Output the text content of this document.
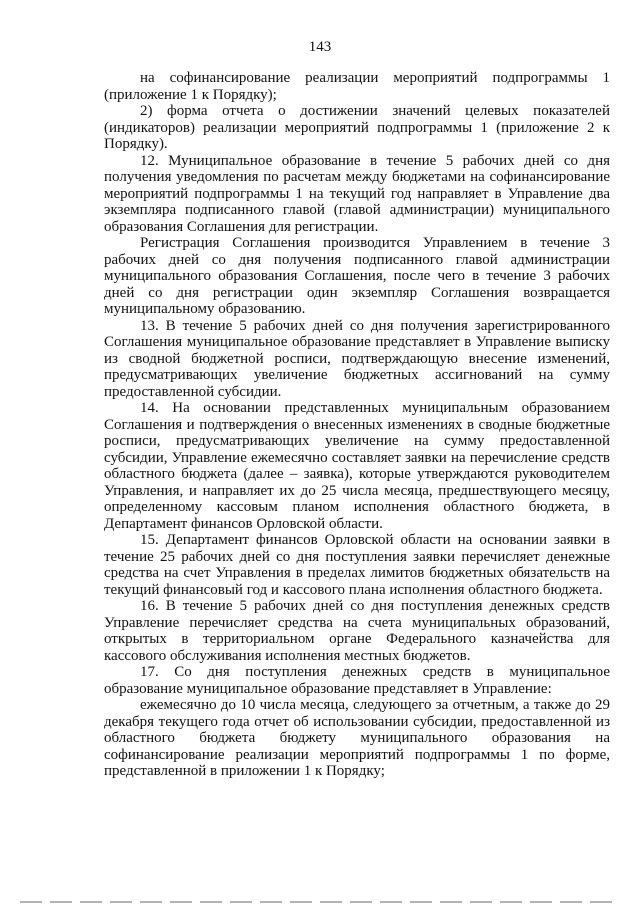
143

на софинансирование реализации мероприятий подпрограммы 1 (приложение 1 к Порядку);

2) форма отчета о достижении значений целевых показателей (индикаторов) реализации мероприятий подпрограммы 1 (приложение 2 к Порядку).

12. Муниципальное образование в течение 5 рабочих дней со дня получения уведомления по расчетам между бюджетами на софинансирование мероприятий подпрограммы 1 на текущий год направляет в Управление два экземпляра подписанного главой (главой администрации) муниципального образования Соглашения для регистрации.

Регистрация Соглашения производится Управлением в течение 3 рабочих дней со дня получения подписанного главой администрации муниципального образования Соглашения, после чего в течение 3 рабочих дней со дня регистрации один экземпляр Соглашения возвращается муниципальному образованию.

13. В течение 5 рабочих дней со дня получения зарегистрированного Соглашения муниципальное образование представляет в Управление выписку из сводной бюджетной росписи, подтверждающую внесение изменений, предусматривающих увеличение бюджетных ассигнований на сумму предоставленной субсидии.

14. На основании представленных муниципальным образованием Соглашения и подтверждения о внесенных изменениях в сводные бюджетные росписи, предусматривающих увеличение на сумму предоставленной субсидии, Управление ежемесячно составляет заявки на перечисление средств областного бюджета (далее – заявка), которые утверждаются руководителем Управления, и направляет их до 25 числа месяца, предшествующего месяцу, определенному кассовым планом исполнения областного бюджета, в Департамент финансов Орловской области.

15. Департамент финансов Орловской области на основании заявки в течение 25 рабочих дней со дня поступления заявки перечисляет денежные средства на счет Управления в пределах лимитов бюджетных обязательств на текущий финансовый год и кассового плана исполнения областного бюджета.

16. В течение 5 рабочих дней со дня поступления денежных средств Управление перечисляет средства на счета муниципальных образований, открытых в территориальном органе Федерального казначейства для кассового обслуживания исполнения местных бюджетов.

17. Со дня поступления денежных средств в муниципальное образование муниципальное образование представляет в Управление:

ежемесячно до 10 числа месяца, следующего за отчетным, а также до 29 декабря текущего года отчет об использовании субсидии, предоставленной из областного бюджета бюджету муниципального образования на софинансирование реализации мероприятий подпрограммы 1 по форме, представленной в приложении 1 к Порядку;
